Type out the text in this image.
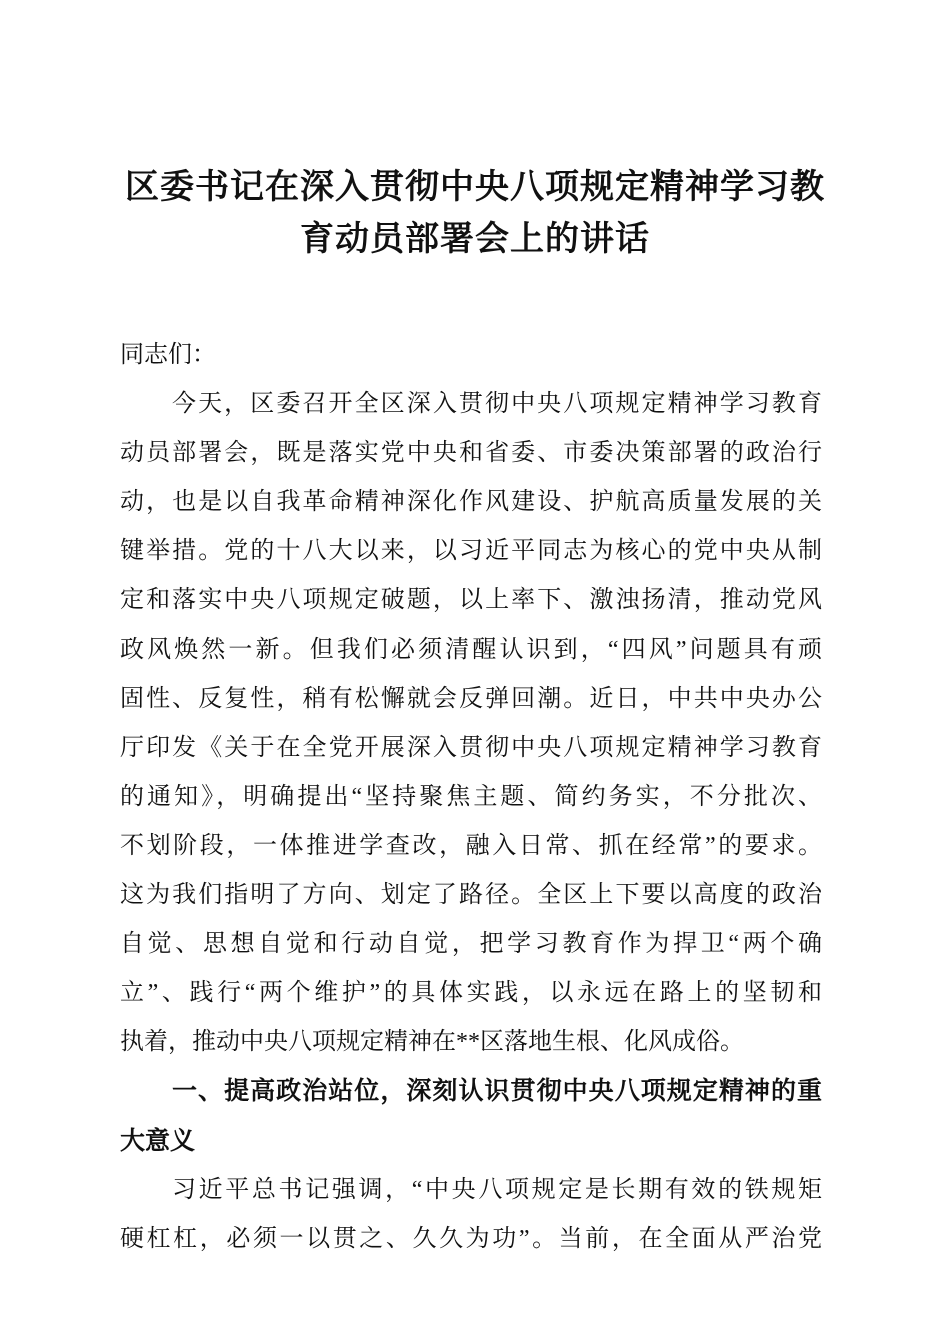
区委书记在深入贯彻中央八项规定精神学习教
育动员部署会上的讲话
同志们：
今天，区委召开全区深入贯彻中央八项规定精神学习教育
动员部署会，既是落实党中央和省委、市委决策部署的政治行
动，也是以自我革命精神深化作风建设、护航高质量发展的关
键举措。党的十八大以来，以习近平同志为核心的党中央从制
定和落实中央八项规定破题，以上率下、激浊扬清，推动党风
政风焕然一新。但我们必须清醒认识到，“四风”问题具有顽
固性、反复性，稍有松懈就会反弹回潮。近日，中共中央办公
厅印发《关于在全党开展深入贯彻中央八项规定精神学习教育
的通知》，明确提出“坚持聚焦主题、简约务实，不分批次、
不划阶段，一体推进学查改，融入日常、抓在经常”的要求。
这为我们指明了方向、划定了路径。全区上下要以高度的政治
自觉、思想自觉和行动自觉，把学习教育作为捍卫“两个确
立”、践行“两个维护”的具体实践，以永远在路上的坚韧和
执着，推动中央八项规定精神在**区落地生根、化风成俗。
一、提高政治站位，深刻认识贯彻中央八项规定精神的重
大意义
习近平总书记强调，“中央八项规定是长期有效的铁规矩
硬杠杠，必须一以贯之、久久为功”。当前，在全面从严治党
